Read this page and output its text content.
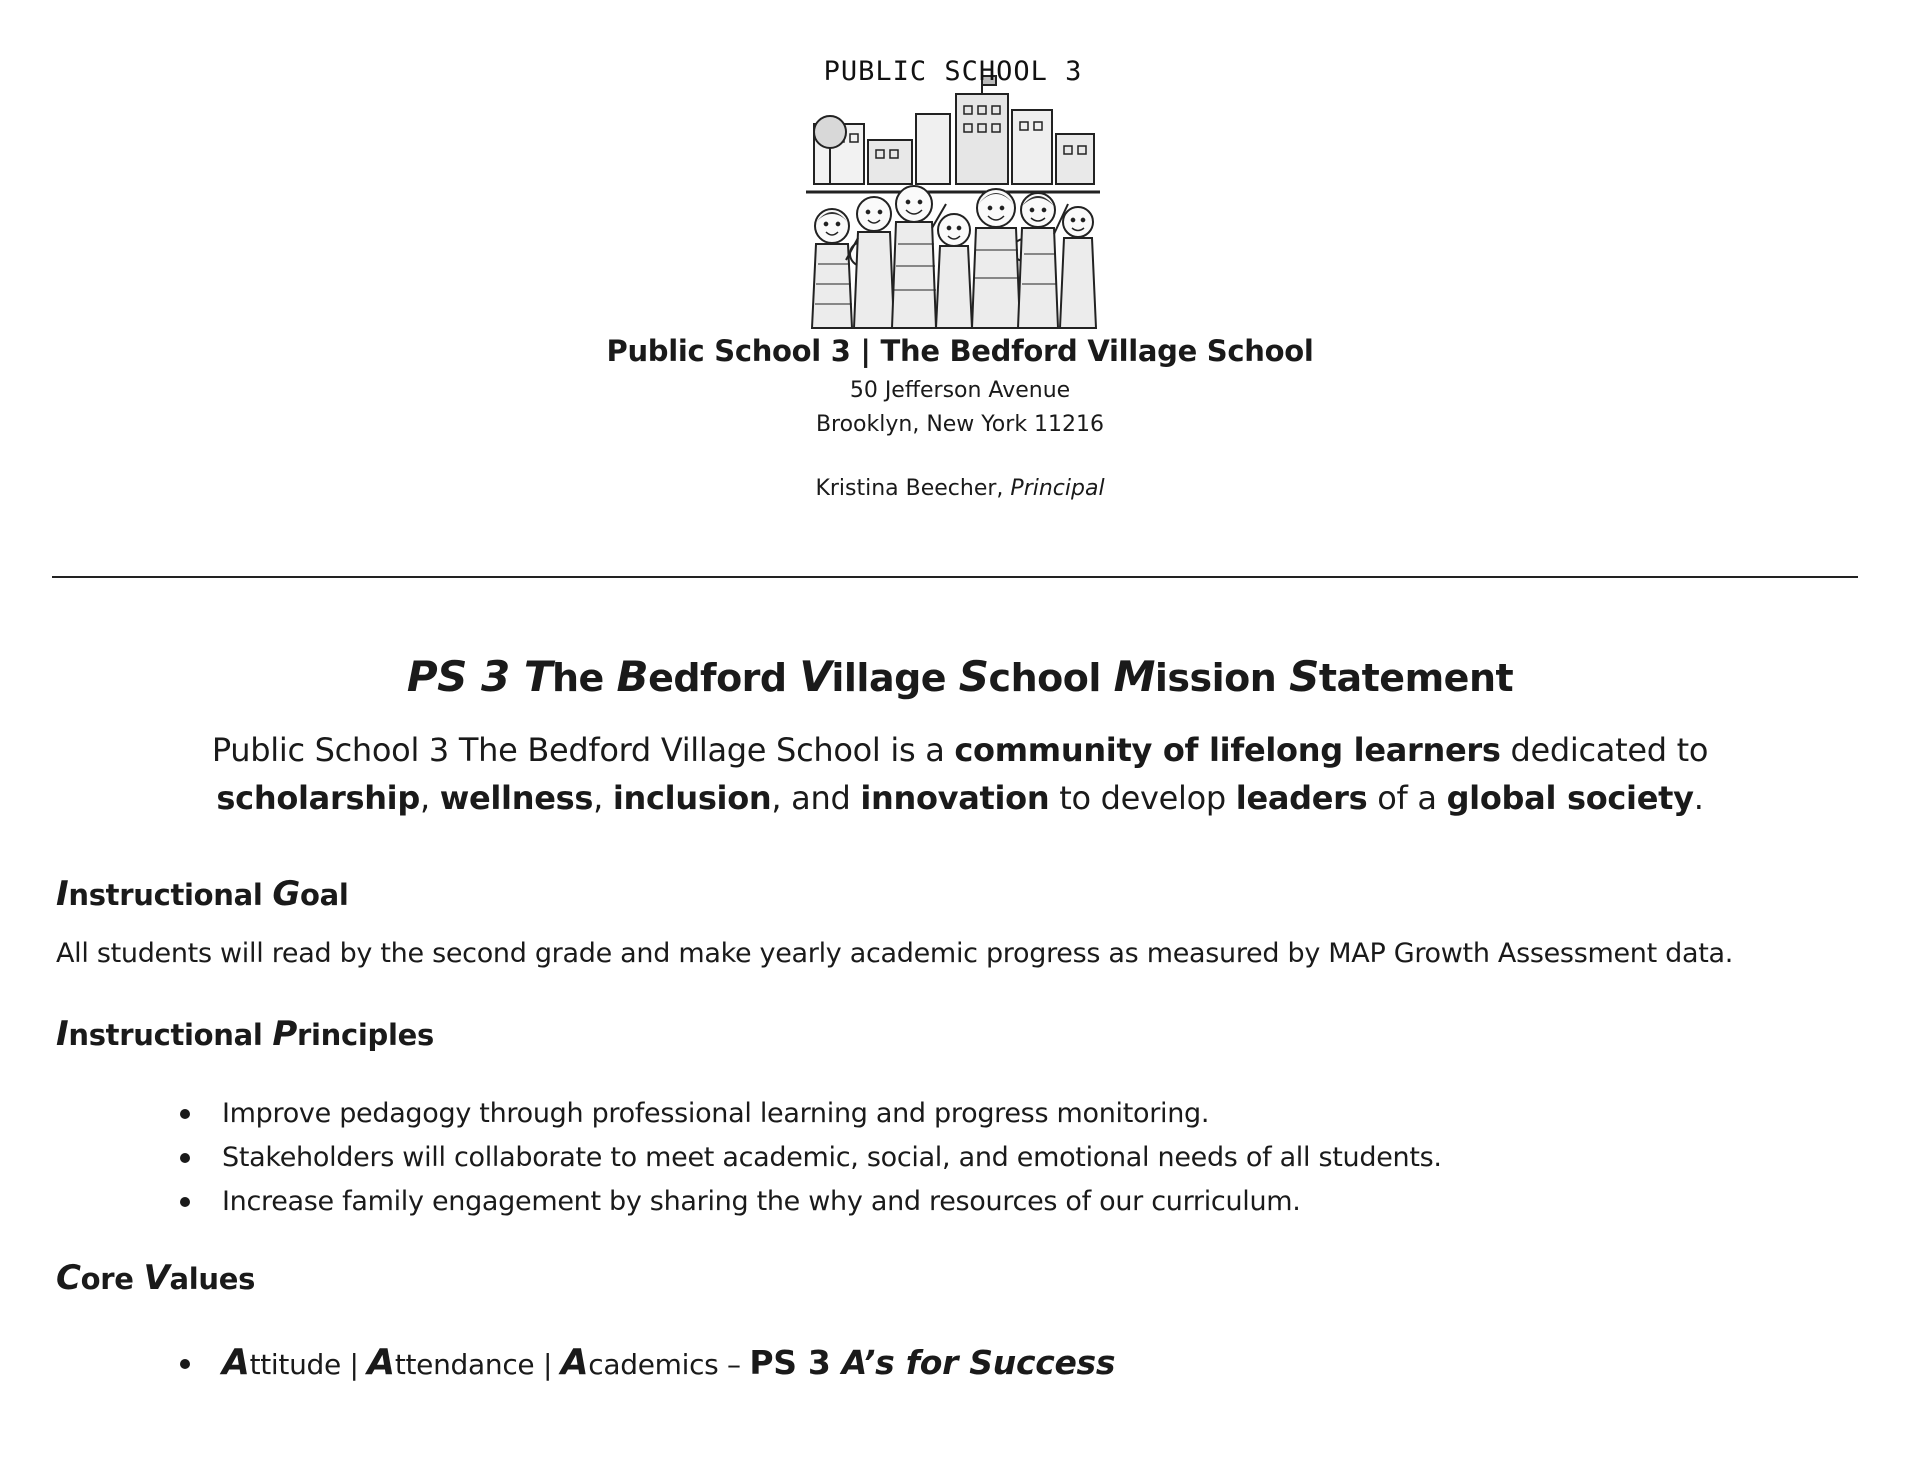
PUBLIC SCHOOL 3
Public School 3 | The Bedford Village School
50 Jefferson Avenue
Brooklyn, New York 11216
Kristina Beecher, Principal
PS 3 The Bedford Village School Mission Statement
Public School 3 The Bedford Village School is a community of lifelong learners dedicated to
scholarship, wellness, inclusion, and innovation to develop leaders of a global society.
Instructional Goal
All students will read by the second grade and make yearly academic progress as measured by MAP Growth Assessment data.
Instructional Principles
Improve pedagogy through professional learning and progress monitoring.
Stakeholders will collaborate to meet academic, social, and emotional needs of all students.
Increase family engagement by sharing the why and resources of our curriculum.
Core Values
Attitude | Attendance | Academics – PS 3 A’s for Success
